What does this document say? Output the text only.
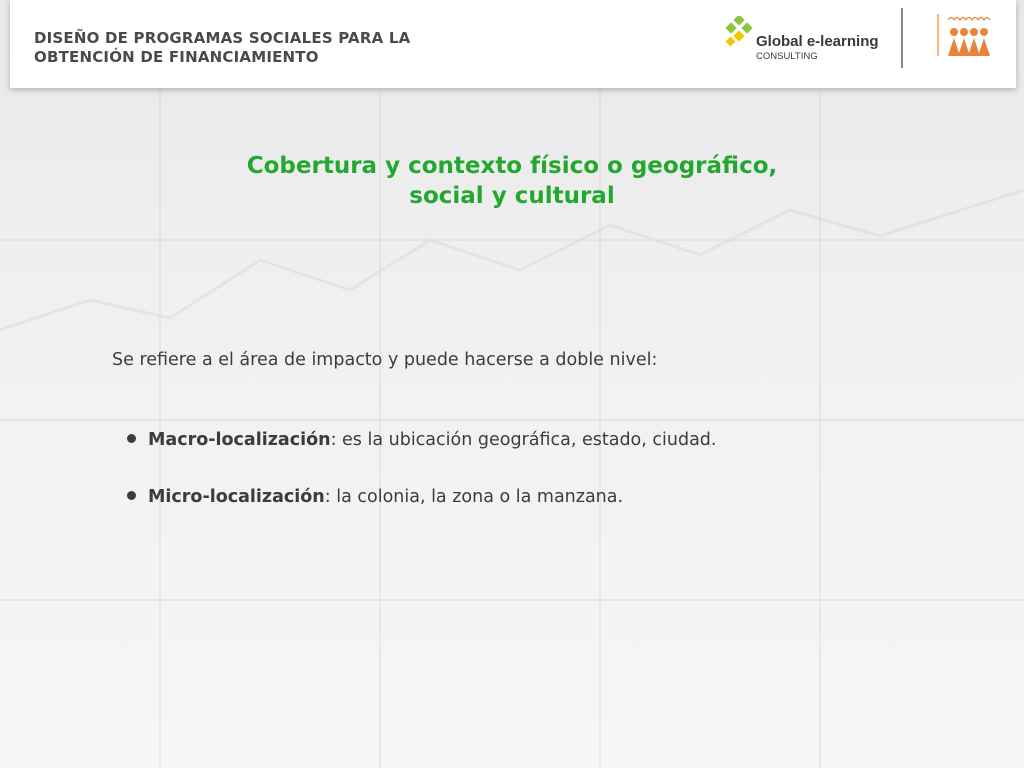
DISEÑO DE PROGRAMAS SOCIALES PARA LA
OBTENCIÓN DE FINANCIAMIENTO
Global e-learning
CONSULTING
Cobertura y contexto físico o geográfico,
social y cultural
Se refiere a el área de impacto y puede hacerse a doble nivel:
Macro-localización: es la ubicación geográfica, estado, ciudad.
Micro-localización: la colonia, la zona o la manzana.
